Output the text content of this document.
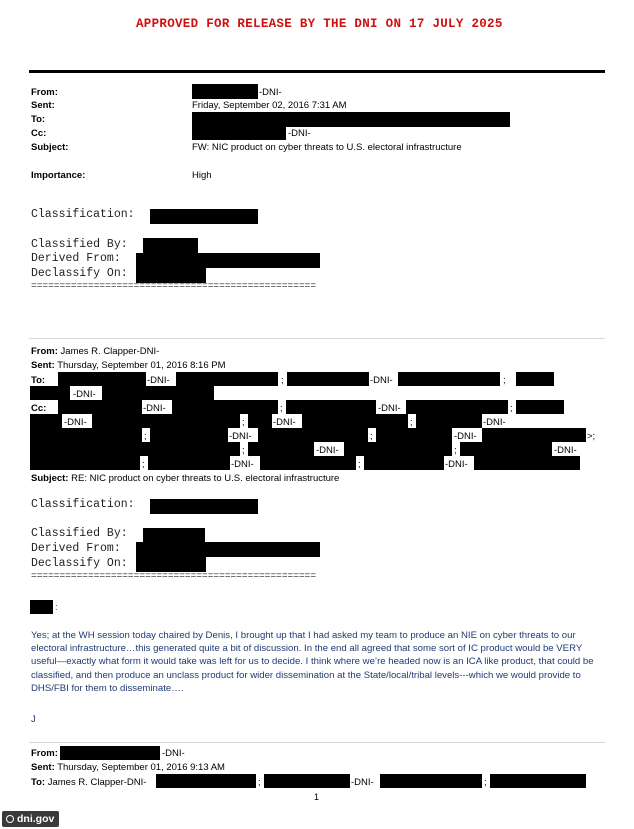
APPROVED FOR RELEASE BY THE DNI ON 17 JULY 2025
From:	-DNI-
Sent:	Friday, September 02, 2016 7:31 AM
To:
Cc:	-DNI-
Subject:	FW: NIC product on cyber threats to U.S. electoral infrastructure
Importance:	High
Classification:
Classified By:
Derived From:
Declassify On:
==================================================
From: James R. Clapper-DNI-
Sent: Thursday, September 01, 2016 8:16 PM
To:	-DNI-	;	-DNI-	;
-DNI-
Cc:	-DNI-	;	-DNI-	;
-DNI-	;	-DNI-	;	-DNI-
;	-DNI-	;	-DNI-	>;
;	-DNI-	;	-DNI-
;	-DNI-	;	-DNI-
Subject: RE: NIC product on cyber threats to U.S. electoral infrastructure
Classification:
Classified By:
Derived From:
Declassify On:
==================================================
:
Yes; at the WH session today chaired by Denis, I brought up that I had asked my team to produce an NIE on cyber threats to our electoral infrastructure…this generated quite a bit of discussion. In the end all agreed that some sort of IC product would be VERY useful—exactly what form it would take was left for us to decide. I think where we’re headed now is an ICA like product, that could be classified, and then produce an unclass product for wider dissemination at the State/local/tribal levels---which we would provide to DHS/FBI for them to disseminate….
J
From:	-DNI-
Sent: Thursday, September 01, 2016 9:13 AM
To: James R. Clapper-DNI-	;	-DNI-	;
1
dni.gov
